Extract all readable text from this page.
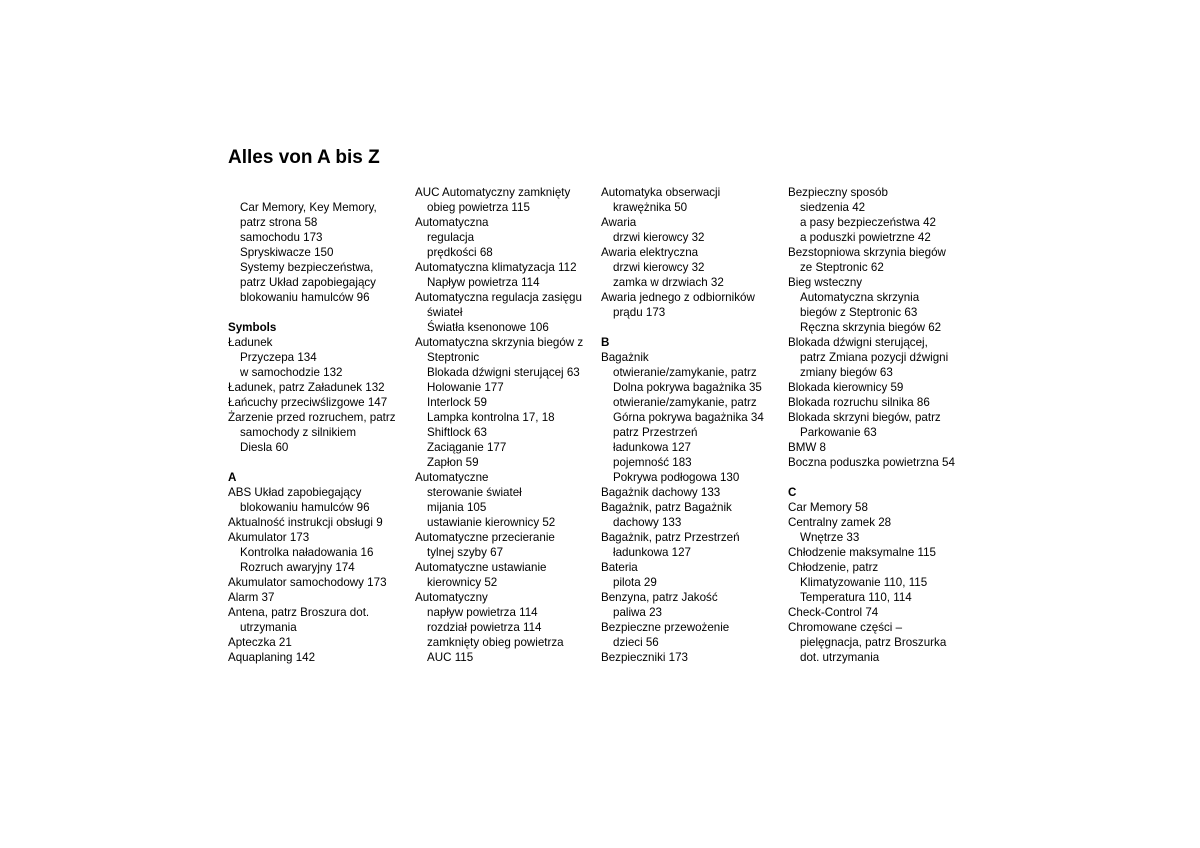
Alles von A bis Z
Car Memory, Key Memory,
patrz strona 58
samochodu 173
Spryskiwacze 150
Systemy bezpieczeństwa,
patrz Układ zapobiegający
blokowaniu hamulców 96
Symbols
Ładunek
Przyczepa 134
w samochodzie 132
Ładunek, patrz Załadunek 132
Łańcuchy przeciwślizgowe 147
Żarzenie przed rozruchem, patrz
samochody z silnikiem
Diesla 60
A
ABS Układ zapobiegający
blokowaniu hamulców 96
Aktualność instrukcji obsługi 9
Akumulator 173
Kontrolka naładowania 16
Rozruch awaryjny 174
Akumulator samochodowy 173
Alarm 37
Antena, patrz Broszura dot.
utrzymania
Apteczka 21
Aquaplaning 142
AUC Automatyczny zamknięty
obieg powietrza 115
Automatyczna
regulacja
prędkości 68
Automatyczna klimatyzacja 112
Napływ powietrza 114
Automatyczna regulacja zasięgu
świateł
Światła ksenonowe 106
Automatyczna skrzynia biegów z
Steptronic
Blokada dźwigni sterującej 63
Holowanie 177
Interlock 59
Lampka kontrolna 17, 18
Shiftlock 63
Zaciąganie 177
Zapłon 59
Automatyczne
sterowanie świateł
mijania 105
ustawianie kierownicy 52
Automatyczne przecieranie
tylnej szyby 67
Automatyczne ustawianie
kierownicy 52
Automatyczny
napływ powietrza 114
rozdział powietrza 114
zamknięty obieg powietrza
AUC 115
Automatyka obserwacji
krawężnika 50
Awaria
drzwi kierowcy 32
Awaria elektryczna
drzwi kierowcy 32
zamka w drzwiach 32
Awaria jednego z odbiorników
prądu 173
B
Bagażnik
otwieranie/zamykanie, patrz
Dolna pokrywa bagażnika 35
otwieranie/zamykanie, patrz
Górna pokrywa bagażnika 34
patrz Przestrzeń
ładunkowa 127
pojemność 183
Pokrywa podłogowa 130
Bagażnik dachowy 133
Bagażnik, patrz Bagażnik
dachowy 133
Bagażnik, patrz Przestrzeń
ładunkowa 127
Bateria
pilota 29
Benzyna, patrz Jakość
paliwa 23
Bezpieczne przewożenie
dzieci 56
Bezpieczniki 173
Bezpieczny sposób
siedzenia 42
a pasy bezpieczeństwa 42
a poduszki powietrzne 42
Bezstopniowa skrzynia biegów
ze Steptronic 62
Bieg wsteczny
Automatyczna skrzynia
biegów z Steptronic 63
Ręczna skrzynia biegów 62
Blokada dźwigni sterującej,
patrz Zmiana pozycji dźwigni
zmiany biegów 63
Blokada kierownicy 59
Blokada rozruchu silnika 86
Blokada skrzyni biegów, patrz
Parkowanie 63
BMW 8
Boczna poduszka powietrzna 54
C
Car Memory 58
Centralny zamek 28
Wnętrze 33
Chłodzenie maksymalne 115
Chłodzenie, patrz
Klimatyzowanie 110, 115
Temperatura 110, 114
Check-Control 74
Chromowane części –
pielęgnacja, patrz Broszurka
dot. utrzymania
